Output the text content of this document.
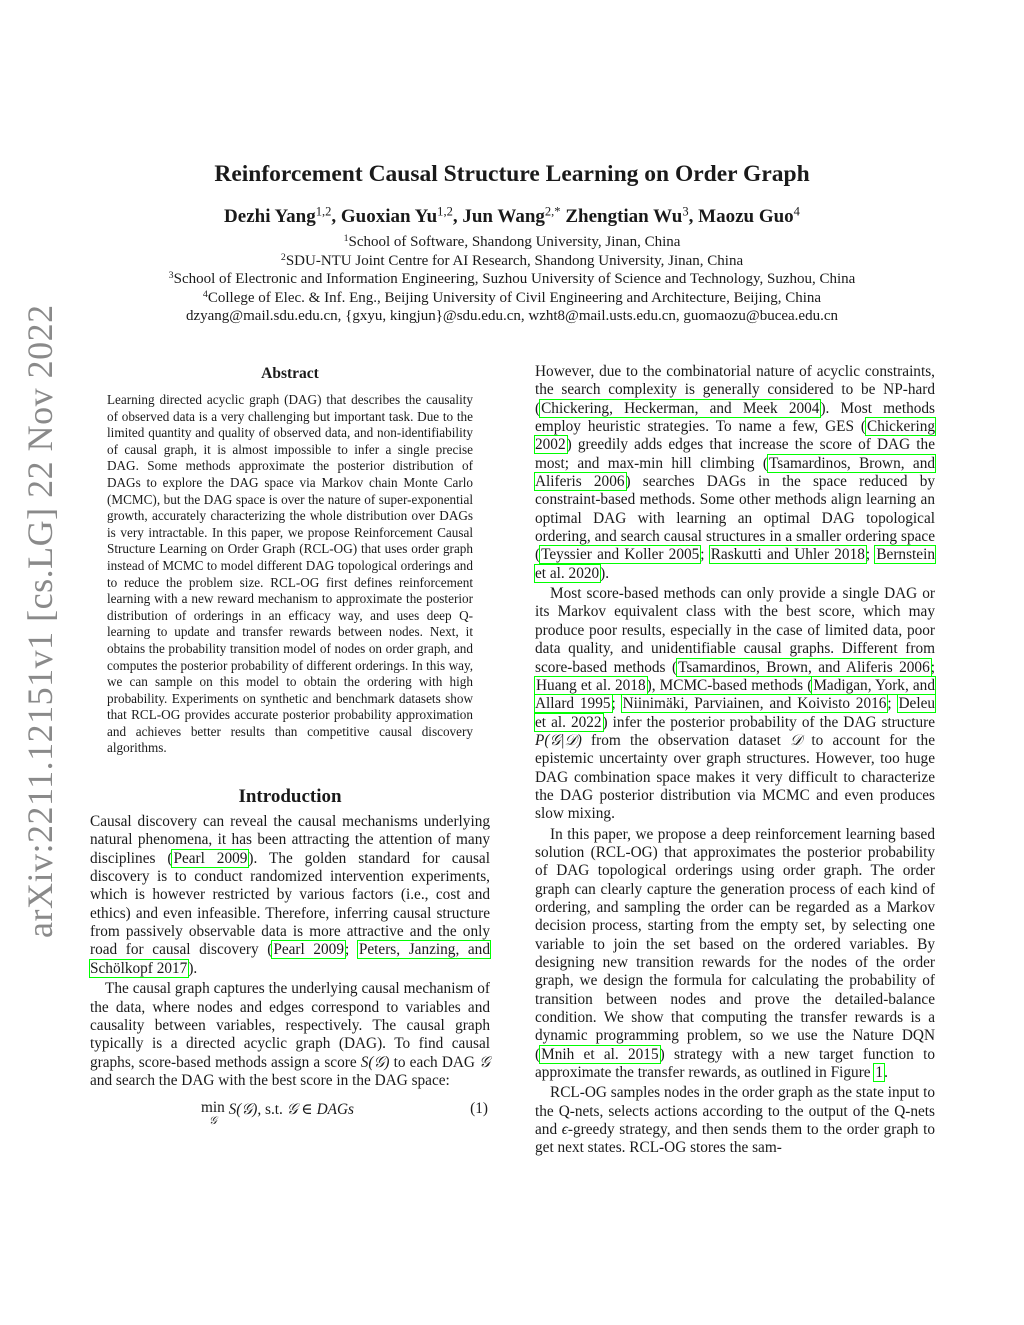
arXiv:2211.12151v1 [cs.LG] 22 Nov 2022
Reinforcement Causal Structure Learning on Order Graph
Dezhi Yang$^{1,2}$, Guoxian Yu$^{1,2}$, Jun Wang$^{2,*}$ Zhengtian Wu$^3$, Maozu Guo$^4$
$^1$School of Software, Shandong University, Jinan, China
$^2$SDU-NTU Joint Centre for AI Research, Shandong University, Jinan, China
$^3$School of Electronic and Information Engineering, Suzhou University of Science and Technology, Suzhou, China
$^4$College of Elec. & Inf. Eng., Beijing University of Civil Engineering and Architecture, Beijing, China
dzyang@mail.sdu.edu.cn, {gxyu, kingjun}@sdu.edu.cn, wzht8@mail.usts.edu.cn, guomaozu@bucea.edu.cn
Abstract
Learning directed acyclic graph (DAG) that describes the causality of observed data is a very challenging but important task. Due to the limited quantity and quality of observed data, and non-identifiability of causal graph, it is almost impossible to infer a single precise DAG. Some methods approximate the posterior distribution of DAGs to explore the DAG space via Markov chain Monte Carlo (MCMC), but the DAG space is over the nature of super-exponential growth, accurately characterizing the whole distribution over DAGs is very intractable. In this paper, we propose Reinforcement Causal Structure Learning on Order Graph (RCL-OG) that uses order graph instead of MCMC to model different DAG topological orderings and to reduce the problem size. RCL-OG first defines reinforcement learning with a new reward mechanism to approximate the posterior distribution of orderings in an efficacy way, and uses deep Q-learning to update and transfer rewards between nodes. Next, it obtains the probability transition model of nodes on order graph, and computes the posterior probability of different orderings. In this way, we can sample on this model to obtain the ordering with high probability. Experiments on synthetic and benchmark datasets show that RCL-OG provides accurate posterior probability approximation and achieves better results than competitive causal discovery algorithms.
Introduction

Causal discovery can reveal the causal mechanisms underlying natural phenomena, it has been attracting the attention of many disciplines (Pearl 2009). The golden standard for causal discovery is to conduct randomized intervention experiments, which is however restricted by various factors (i.e., cost and ethics) and even infeasible. Therefore, inferring causal structure from passively observable data is more attractive and the only road for causal discovery (Pearl 2009; Peters, Janzing, and Schölkopf 2017).

The causal graph captures the underlying causal mechanism of the data, where nodes and edges correspond to variables and causality between variables, respectively. The causal graph typically is a directed acyclic graph (DAG). To find causal graphs, score-based methods assign a score S(𝒢) to each DAG 𝒢 and search the DAG with the best score in the DAG space:

min
𝒢
S(𝒢), s.t. 𝒢 ∈ DAGs	(1)

However, due to the combinatorial nature of acyclic constraints, the search complexity is generally considered to be NP-hard (Chickering, Heckerman, and Meek 2004). Most methods employ heuristic strategies. To name a few, GES (Chickering 2002) greedily adds edges that increase the score of DAG the most; and max-min hill climbing (Tsamardinos, Brown, and Aliferis 2006) searches DAGs in the space reduced by constraint-based methods. Some other methods align learning an optimal DAG with learning an optimal DAG topological ordering, and search causal structures in a smaller ordering space (Teyssier and Koller 2005; Raskutti and Uhler 2018; Bernstein et al. 2020).

Most score-based methods can only provide a single DAG or its Markov equivalent class with the best score, which may produce poor results, especially in the case of limited data, poor data quality, and unidentifiable causal graphs. Different from score-based methods (Tsamardinos, Brown, and Aliferis 2006; Huang et al. 2018), MCMC-based methods (Madigan, York, and Allard 1995; Niinimäki, Parviainen, and Koivisto 2016; Deleu et al. 2022) infer the posterior probability of the DAG structure P(𝒢|𝒟) from the observation dataset 𝒟 to account for the epistemic uncertainty over graph structures. However, too huge DAG combination space makes it very difficult to characterize the DAG posterior distribution via MCMC and even produces slow mixing.

In this paper, we propose a deep reinforcement learning based solution (RCL-OG) that approximates the posterior probability of DAG topological orderings using order graph. The order graph can clearly capture the generation process of each kind of ordering, and sampling the order can be regarded as a Markov decision process, starting from the empty set, by selecting one variable to join the set based on the ordered variables. By designing new transition rewards for the nodes of the order graph, we design the formula for calculating the probability of transition between nodes and prove the detailed-balance condition. We show that computing the transfer rewards is a dynamic programming problem, so we use the Nature DQN (Mnih et al. 2015) strategy with a new target function to approximate the transfer rewards, as outlined in Figure 1.

RCL-OG samples nodes in the order graph as the state input to the Q-nets, selects actions according to the output of the Q-nets and ϵ-greedy strategy, and then sends them to the order graph to get next states. RCL-OG stores the sam-
